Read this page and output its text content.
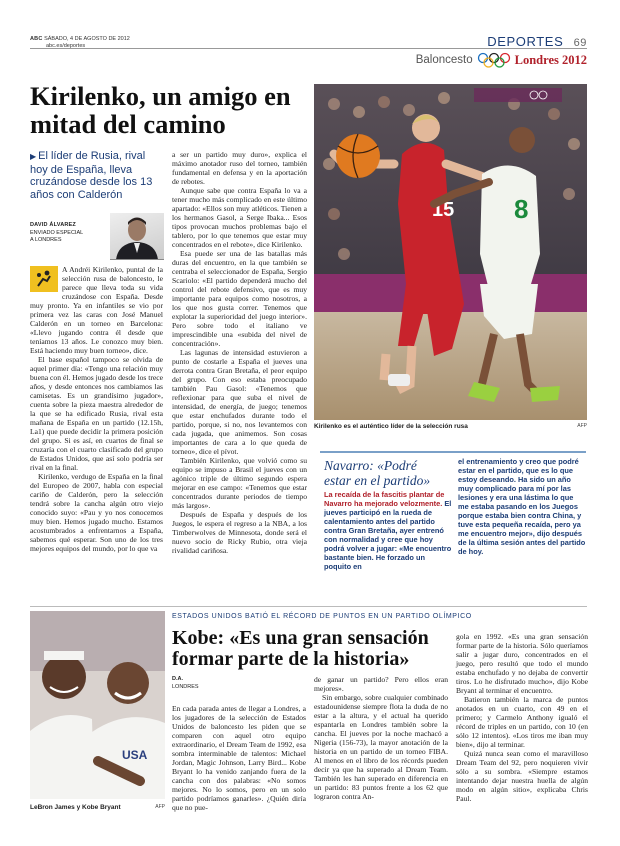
ABC SÁBADO, 4 DE AGOSTO DE 2012
abc.es/deportes	DEPORTES 69
Baloncesto	Londres 2012
Kirilenko, un amigo en mitad del camino
▶ El líder de Rusia, rival hoy de España, lleva cruzándose desde los 13 años con Calderón
DAVID ÁLVAREZ
ENVIADO ESPECIAL
A LONDRES

A Andréi Kirilenko, puntal de la selección rusa de baloncesto, le parece que lleva toda su vida cruzándose con España. Desde muy pronto. Ya en infantiles se vio por primera vez las caras con José Manuel Calderón en un torneo en Barcelona: «Llevo jugando contra él desde que teníamos 13 años. Le conozco muy bien. Está haciendo muy buen torneo», dice.

El base español tampoco se olvida de aquel primer día: «Tengo una relación muy buena con él. Hemos jugado desde los trece años, y desde entonces nos cambiamos las camisetas. Es un grandísimo jugador», cuenta sobre la pieza maestra alrededor de la que se ha edificado Rusia, rival esta mañana de España en un partido (12.15h, La1) que puede decidir la primera posición del grupo. Si es así, en cuartos de final se cruzaría con el cuarto clasificado del grupo de Estados Unidos, que así solo podría ser rival en la final.

Kirilenko, verdugo de España en la final del Europeo de 2007, habla con especial cariño de Calderón, pero la selección tendrá sobre la cancha algún otro viejo conocido suyo: «Pau y yo nos conocemos muy bien. Hemos jugado mucho. Estamos acostumbrados a enfrentarnos a España, sabemos qué esperar. Son uno de los tres mejores equipos del mundo, por lo que va

a ser un partido muy duro», explica el máximo anotador ruso del torneo, también fundamental en defensa y en la aportación de rebotes.

Aunque sabe que contra España lo va a tener mucho más complicado en este último apartado: «Ellos son muy atléticos. Tienen a los hermanos Gasol, a Serge Ibaka... Esos tipos provocan muchos problemas bajo el tablero, por lo que tenemos que estar muy concentrados en el rebote», dice Kirilenko.

Esa puede ser una de las batallas más duras del encuentro, en la que también se centraba el seleccionador de España, Sergio Scariolo: «El partido dependerá mucho del control del rebote defensivo, que es muy importante para equipos como nosotros, a los que nos gusta correr. Tenemos que explotar la superioridad del juego interior». Pero sobre todo el italiano ve imprescindible una «subida del nivel de concentración».

Las lagunas de intensidad estuvieron a punto de costarle a España el jueves una derrota contra Gran Bretaña, el peor equipo del grupo. Con eso estaba preocupado también Pau Gasol: «Tenemos que reflexionar para que suba el nivel de intensidad, de energía, de juego; tenemos que estar enchufados durante todo el partido, porque, si no, nos levantemos con cada jugada, que animemos. Son cosas importantes de cara a lo que queda de torneo», dice el pívot.

También Kirilenko, que volvió como su equipo se impuso a Brasil el jueves con un agónico triple de último segundo espera mejorar en ese campo: «Tenemos que estar concentrados durante periodos de tiempo más largos».

Después de España y después de los Juegos, le espera el regreso a la NBA, a los Timberwolves de Minnesota, donde será el nuevo socio de Ricky Rubio, otra vieja rivalidad cariñosa.

15 8
Kirilenko es el auténtico líder de la selección rusa	AFP
Navarro: «Podré estar en el partido»
La recaída de la fascitis plantar de Navarro ha mejorado velozmente. El jueves participó en la rueda de calentamiento antes del partido contra Gran Bretaña, ayer entrenó con normalidad y cree que hoy podrá volver a jugar: «Me encuentro bastante bien. He forzado un poquito en
el entrenamiento y creo que podré estar en el partido, que es lo que estoy deseando. Ha sido un año muy complicado para mí por las lesiones y era una lástima lo que me estaba pasando en los Juegos porque estaba bien contra China, y tuve esta pequeña recaída, pero ya me encuentro mejor», dijo después de la última sesión antes del partido de hoy.
USA
LeBron James y Kobe Bryant	AFP
ESTADOS UNIDOS BATIÓ EL RÉCORD DE PUNTOS EN UN PARTIDO OLÍMPICO
Kobe: «Es una gran sensación formar parte de la historia»
D.A.
LONDRES

En cada parada antes de llegar a Londres, a los jugadores de la selección de Estados Unidos de baloncesto les piden que se comparen con aquel otro equipo extraordinario, el Dream Team de 1992, esa sombra interminable de talentos: Michael Jordan, Magic Johnson, Larry Bird... Kobe Bryant lo ha venido zanjando fuera de la cancha con dos palabras: «No somos mejores. No lo somos, pero en un solo partido podríamos ganarles». ¿Quién diría que no pue-

de ganar un partido? Pero ellos eran mejores».

Sin embargo, sobre cualquier combinado estadounidense siempre flota la duda de no estar a la altura, y el actual ha querido espantarla en Londres también sobre la cancha. El jueves por la noche machacó a Nigeria (156-73), la mayor anotación de la historia en un partido de un torneo FIBA. Al menos en el libro de los récords pueden decir ya que ha superado al Dream Team. También les han superado en diferencia en un partido: 83 puntos frente a los 62 que lograron contra An-

gola en 1992. «Es una gran sensación formar parte de la historia. Sólo queríamos salir a jugar duro, concentrados en el juego, pero resultó que todo el mundo estaba enchufado y no dejaba de convertir tiros. Lo he disfrutado mucho», dijo Kobe Bryant al terminar el encuentro.

Batieron también la marca de puntos anotados en un cuarto, con 49 en el primero; y Carmelo Anthony igualó el récord de triples en un partido, con 10 (en sólo 12 intentos). «Los tiros me iban muy bien», dijo al terminar.

Quizá nunca sean como el maravilloso Dream Team del 92, pero noquieren vivir sólo a su sombra. «Siempre estamos intentando dejar nuestra huella de algún modo en algún sitio», explicaba Chris Paul.
